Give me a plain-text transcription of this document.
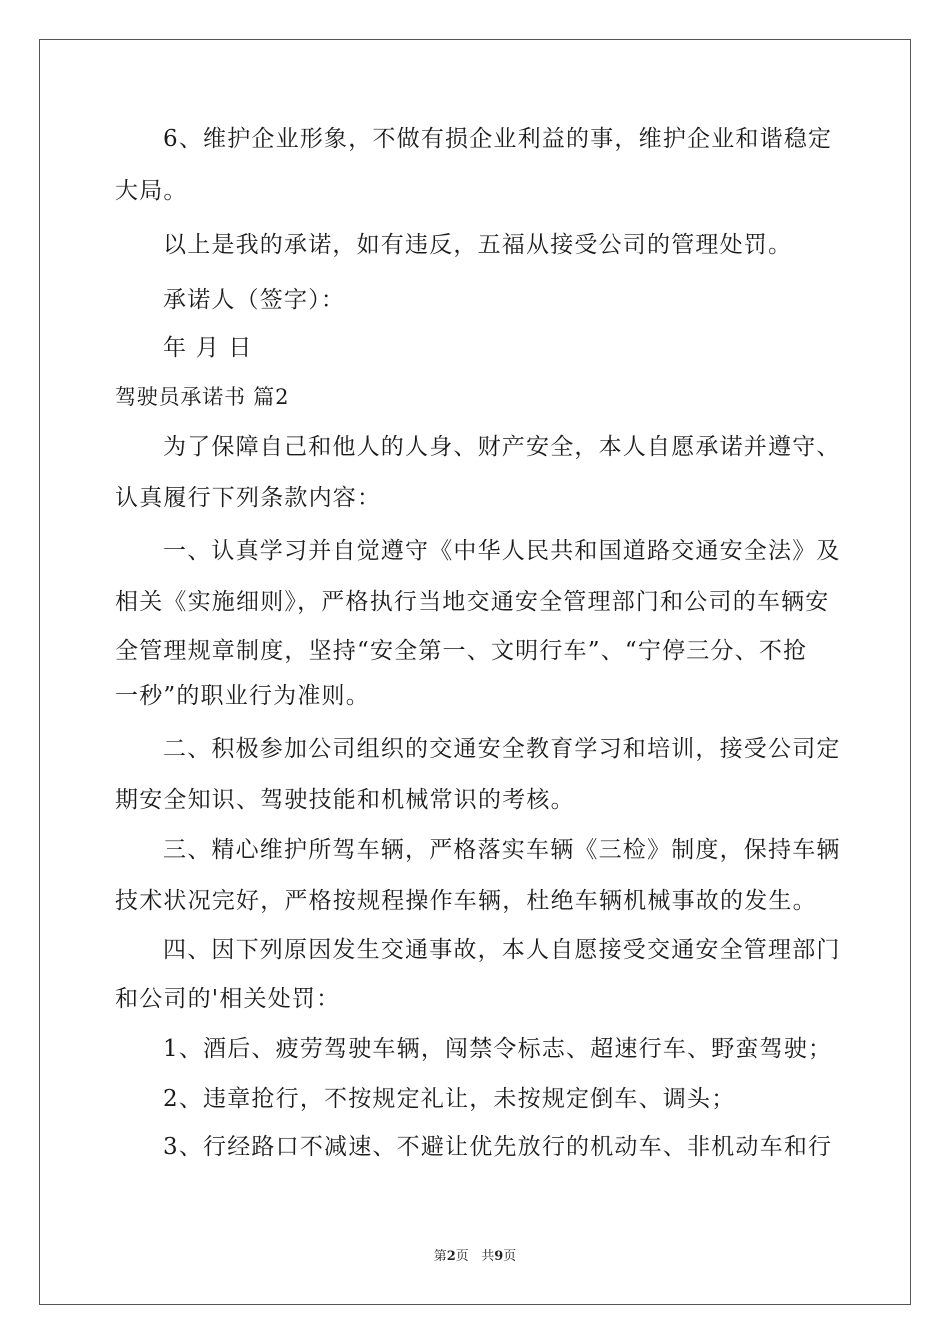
6、维护企业形象，不做有损企业利益的事，维护企业和谐稳定
大局。
以上是我的承诺，如有违反，五福从接受公司的管理处罚。
承诺人（签字）：
年 月 日
驾驶员承诺书 篇2
为了保障自己和他人的人身、财产安全，本人自愿承诺并遵守、
认真履行下列条款内容：
一、认真学习并自觉遵守《中华人民共和国道路交通安全法》及
相关《实施细则》，严格执行当地交通安全管理部门和公司的车辆安
全管理规章制度，坚持“安全第一、文明行车”、“宁停三分、不抢
一秒”的职业行为准则。
二、积极参加公司组织的交通安全教育学习和培训，接受公司定
期安全知识、驾驶技能和机械常识的考核。
三、精心维护所驾车辆，严格落实车辆《三检》制度，保持车辆
技术状况完好，严格按规程操作车辆，杜绝车辆机械事故的发生。
四、因下列原因发生交通事故，本人自愿接受交通安全管理部门
和公司的'相关处罚：
1、酒后、疲劳驾驶车辆，闯禁令标志、超速行车、野蛮驾驶；
2、违章抢行，不按规定礼让，未按规定倒车、调头；
3、行经路口不减速、不避让优先放行的机动车、非机动车和行
第2页 共9页
